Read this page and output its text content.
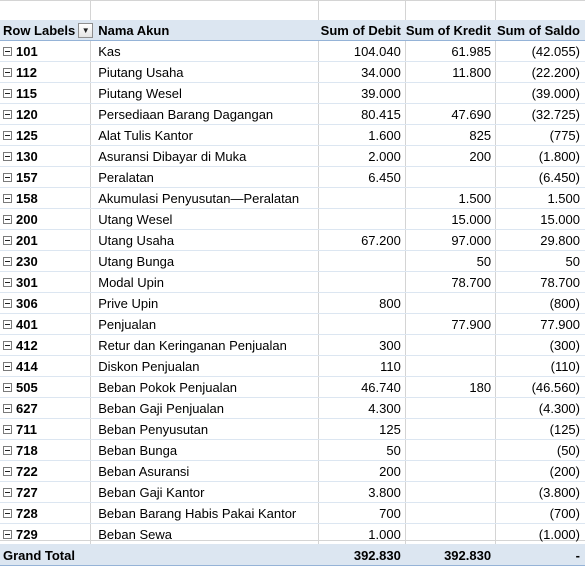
Row Labels ▼	Nama Akun	Sum of Debit	Sum of Kredit	Sum of Saldo

101	Kas	104.040	61.985	(42.055)

112	Piutang Usaha	34.000	11.800	(22.200)

115	Piutang Wesel	39.000		(39.000)

120	Persediaan Barang Dagangan	80.415	47.690	(32.725)

125	Alat Tulis Kantor	1.600	825	(775)

130	Asuransi Dibayar di Muka	2.000	200	(1.800)

157	Peralatan	6.450		(6.450)

158	Akumulasi Penyusutan—Peralatan		1.500	1.500

200	Utang Wesel		15.000	15.000

201	Utang Usaha	67.200	97.000	29.800

230	Utang Bunga		50	50

301	Modal Upin		78.700	78.700

306	Prive Upin	800		(800)

401	Penjualan		77.900	77.900

412	Retur dan Keringanan Penjualan	300		(300)

414	Diskon Penjualan	110		(110)

505	Beban Pokok Penjualan	46.740	180	(46.560)

627	Beban Gaji Penjualan	4.300		(4.300)

711	Beban Penyusutan	125		(125)

718	Beban Bunga	50		(50)

722	Beban Asuransi	200		(200)

727	Beban Gaji Kantor	3.800		(3.800)

728	Beban Barang Habis Pakai Kantor	700		(700)

729	Beban Sewa	1.000		(1.000)
Grand Total		392.830	392.830	-
